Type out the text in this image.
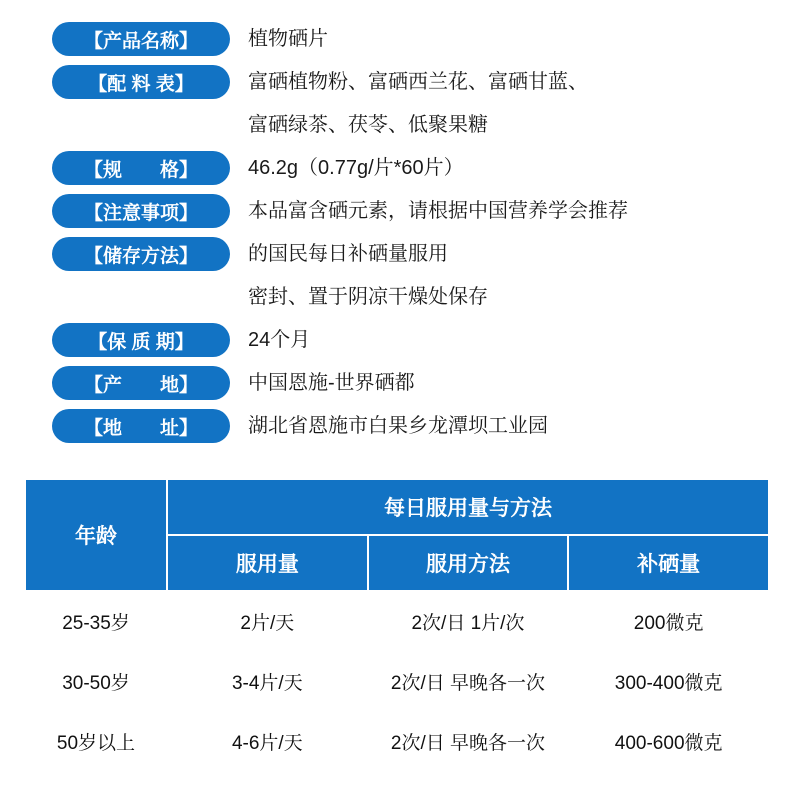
【产品名称】	植物硒片
【配 料 表】	富硒植物粉、富硒西兰花、富硒甘蓝、
富硒绿茶、茯苓、低聚果糖
【规　　格】	46.2g（0.77g/片*60片）
【注意事项】	本品富含硒元素，请根据中国营养学会推荐
【储存方法】	的国民每日补硒量服用
密封、置于阴凉干燥处保存
【保 质 期】	24个月
【产　　地】	中国恩施-世界硒都
【地　　址】	湖北省恩施市白果乡龙潭坝工业园
年龄	每日服用量与方法		
	服用量	服用方法	补硒量
25-35岁	2片/天	2次/日 1片/次	200微克
30-50岁	3-4片/天	2次/日 早晚各一次	300-400微克
50岁以上	4-6片/天	2次/日 早晚各一次	400-600微克
